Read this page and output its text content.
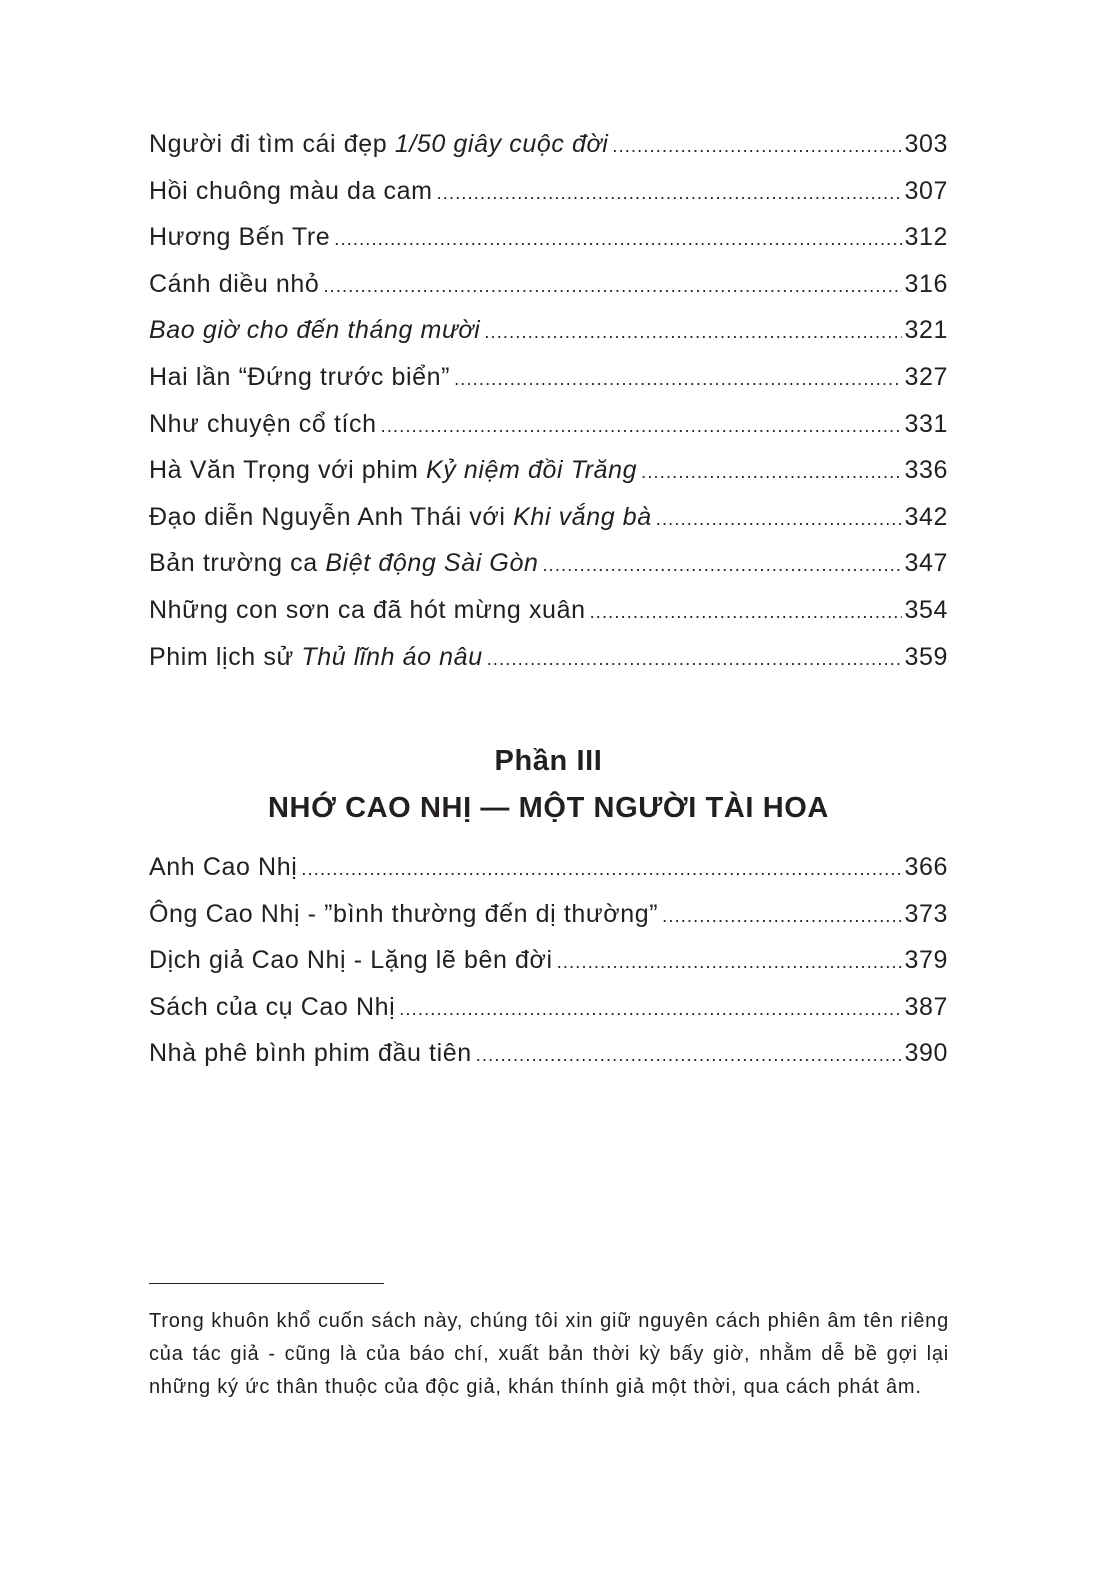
Người đi tìm cái đẹp 1/50 giây cuộc đời .....	303
Hồi chuông màu da cam .....	307
Hương Bến Tre .....	312
Cánh diều nhỏ .....	316
Bao giờ cho đến tháng mười .....	321
Hai lần “Đứng trước biển” .....	327
Như chuyện cổ tích .....	331
Hà Văn Trọng với phim Kỷ niệm đồi Trăng .....	336
Đạo diễn Nguyễn Anh Thái với Khi vắng bà .....	342
Bản trường ca Biệt động Sài Gòn .....	347
Những con sơn ca đã hót mừng xuân .....	354
Phim lịch sử Thủ lĩnh áo nâu .....	359
Phần III
NHỚ CAO NHỊ — MỘT NGƯỜI TÀI HOA
Anh Cao Nhị .....	366
Ông Cao Nhị - ”bình thường đến dị thường” .....	373
Dịch giả Cao Nhị - Lặng lẽ bên đời .....	379
Sách của cụ Cao Nhị .....	387
Nhà phê bình phim đầu tiên .....	390

Trong khuôn khổ cuốn sách này, chúng tôi xin giữ nguyên cách phiên âm tên riêng của tác giả - cũng là của báo chí, xuất bản thời kỳ bấy giờ, nhằm dễ bề gợi lại những ký ức thân thuộc của độc giả, khán thính giả một thời, qua cách phát âm.
